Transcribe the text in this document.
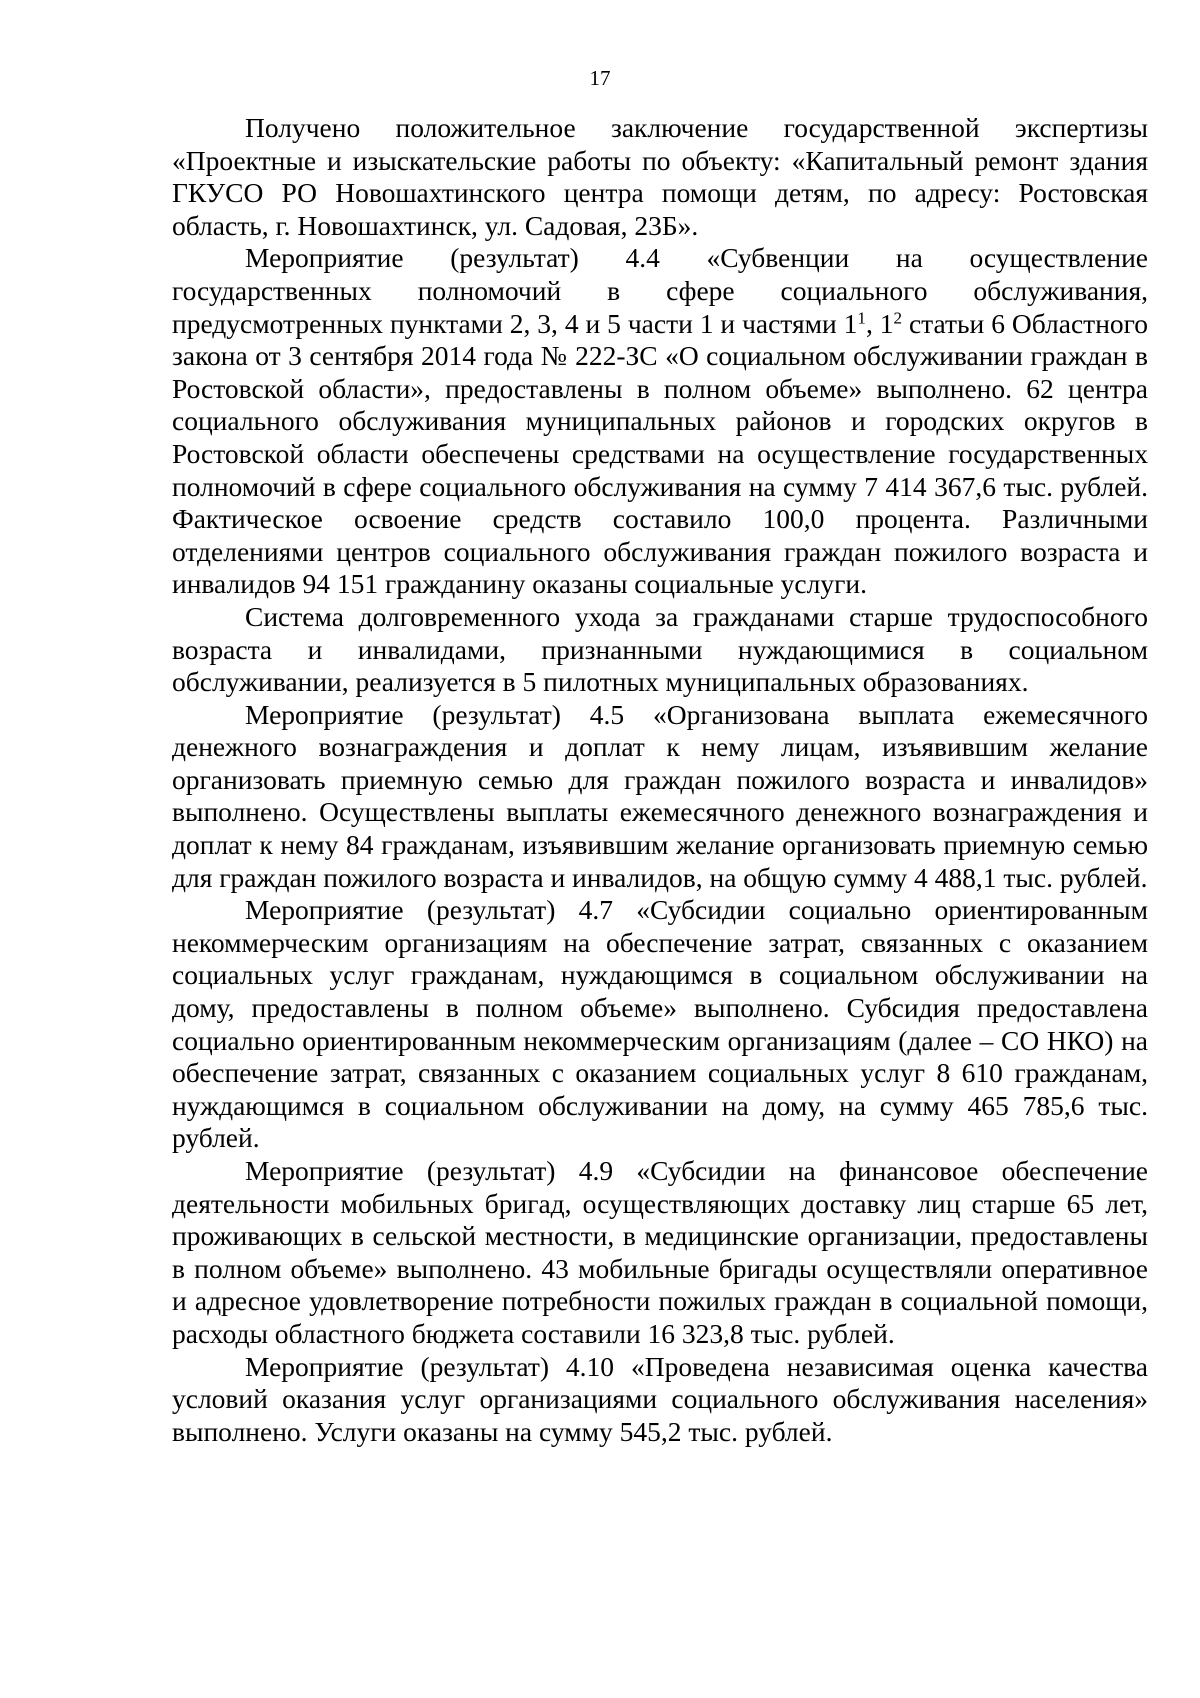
17

Получено положительное заключение государственной экспертизы «Проектные и изыскательские работы по объекту: «Капитальный ремонт здания ГКУСО РО Новошахтинского центра помощи детям, по адресу: Ростовская область, г. Новошахтинск, ул. Садовая, 23Б».

Мероприятие (результат) 4.4 «Субвенции на осуществление государственных полномочий в сфере социального обслуживания, предусмотренных пунктами 2, 3, 4 и 5 части 1 и частями $1^1$, $1^2$ статьи 6 Областного закона от 3 сентября 2014 года № 222-ЗС «О социальном обслуживании граждан в Ростовской области», предоставлены в полном объеме» выполнено. 62 центра социального обслуживания муниципальных районов и городских округов в Ростовской области обеспечены средствами на осуществление государственных полномочий в сфере социального обслуживания на сумму 7 414 367,6 тыс. рублей. Фактическое освоение средств составило 100,0 процента. Различными отделениями центров социального обслуживания граждан пожилого возраста и инвалидов 94 151 гражданину оказаны социальные услуги.

Система долговременного ухода за гражданами старше трудоспособного возраста и инвалидами, признанными нуждающимися в социальном обслуживании, реализуется в 5 пилотных муниципальных образованиях.

Мероприятие (результат) 4.5 «Организована выплата ежемесячного денежного вознаграждения и доплат к нему лицам, изъявившим желание организовать приемную семью для граждан пожилого возраста и инвалидов» выполнено. Осуществлены выплаты ежемесячного денежного вознаграждения и доплат к нему 84 гражданам, изъявившим желание организовать приемную семью для граждан пожилого возраста и инвалидов, на общую сумму 4 488,1 тыс. рублей.

Мероприятие (результат) 4.7 «Субсидии социально ориентированным некоммерческим организациям на обеспечение затрат, связанных с оказанием социальных услуг гражданам, нуждающимся в социальном обслуживании на дому, предоставлены в полном объеме» выполнено. Субсидия предоставлена социально ориентированным некоммерческим организациям (далее – СО НКО) на обеспечение затрат, связанных с оказанием социальных услуг 8 610 гражданам, нуждающимся в социальном обслуживании на дому, на сумму 465 785,6 тыс. рублей.

Мероприятие (результат) 4.9 «Субсидии на финансовое обеспечение деятельности мобильных бригад, осуществляющих доставку лиц старше 65 лет, проживающих в сельской местности, в медицинские организации, предоставлены в полном объеме» выполнено. 43 мобильные бригады осуществляли оперативное и адресное удовлетворение потребности пожилых граждан в социальной помощи, расходы областного бюджета составили 16 323,8 тыс. рублей.

Мероприятие (результат) 4.10 «Проведена независимая оценка качества условий оказания услуг организациями социального обслуживания населения» выполнено. Услуги оказаны на сумму 545,2 тыс. рублей.
